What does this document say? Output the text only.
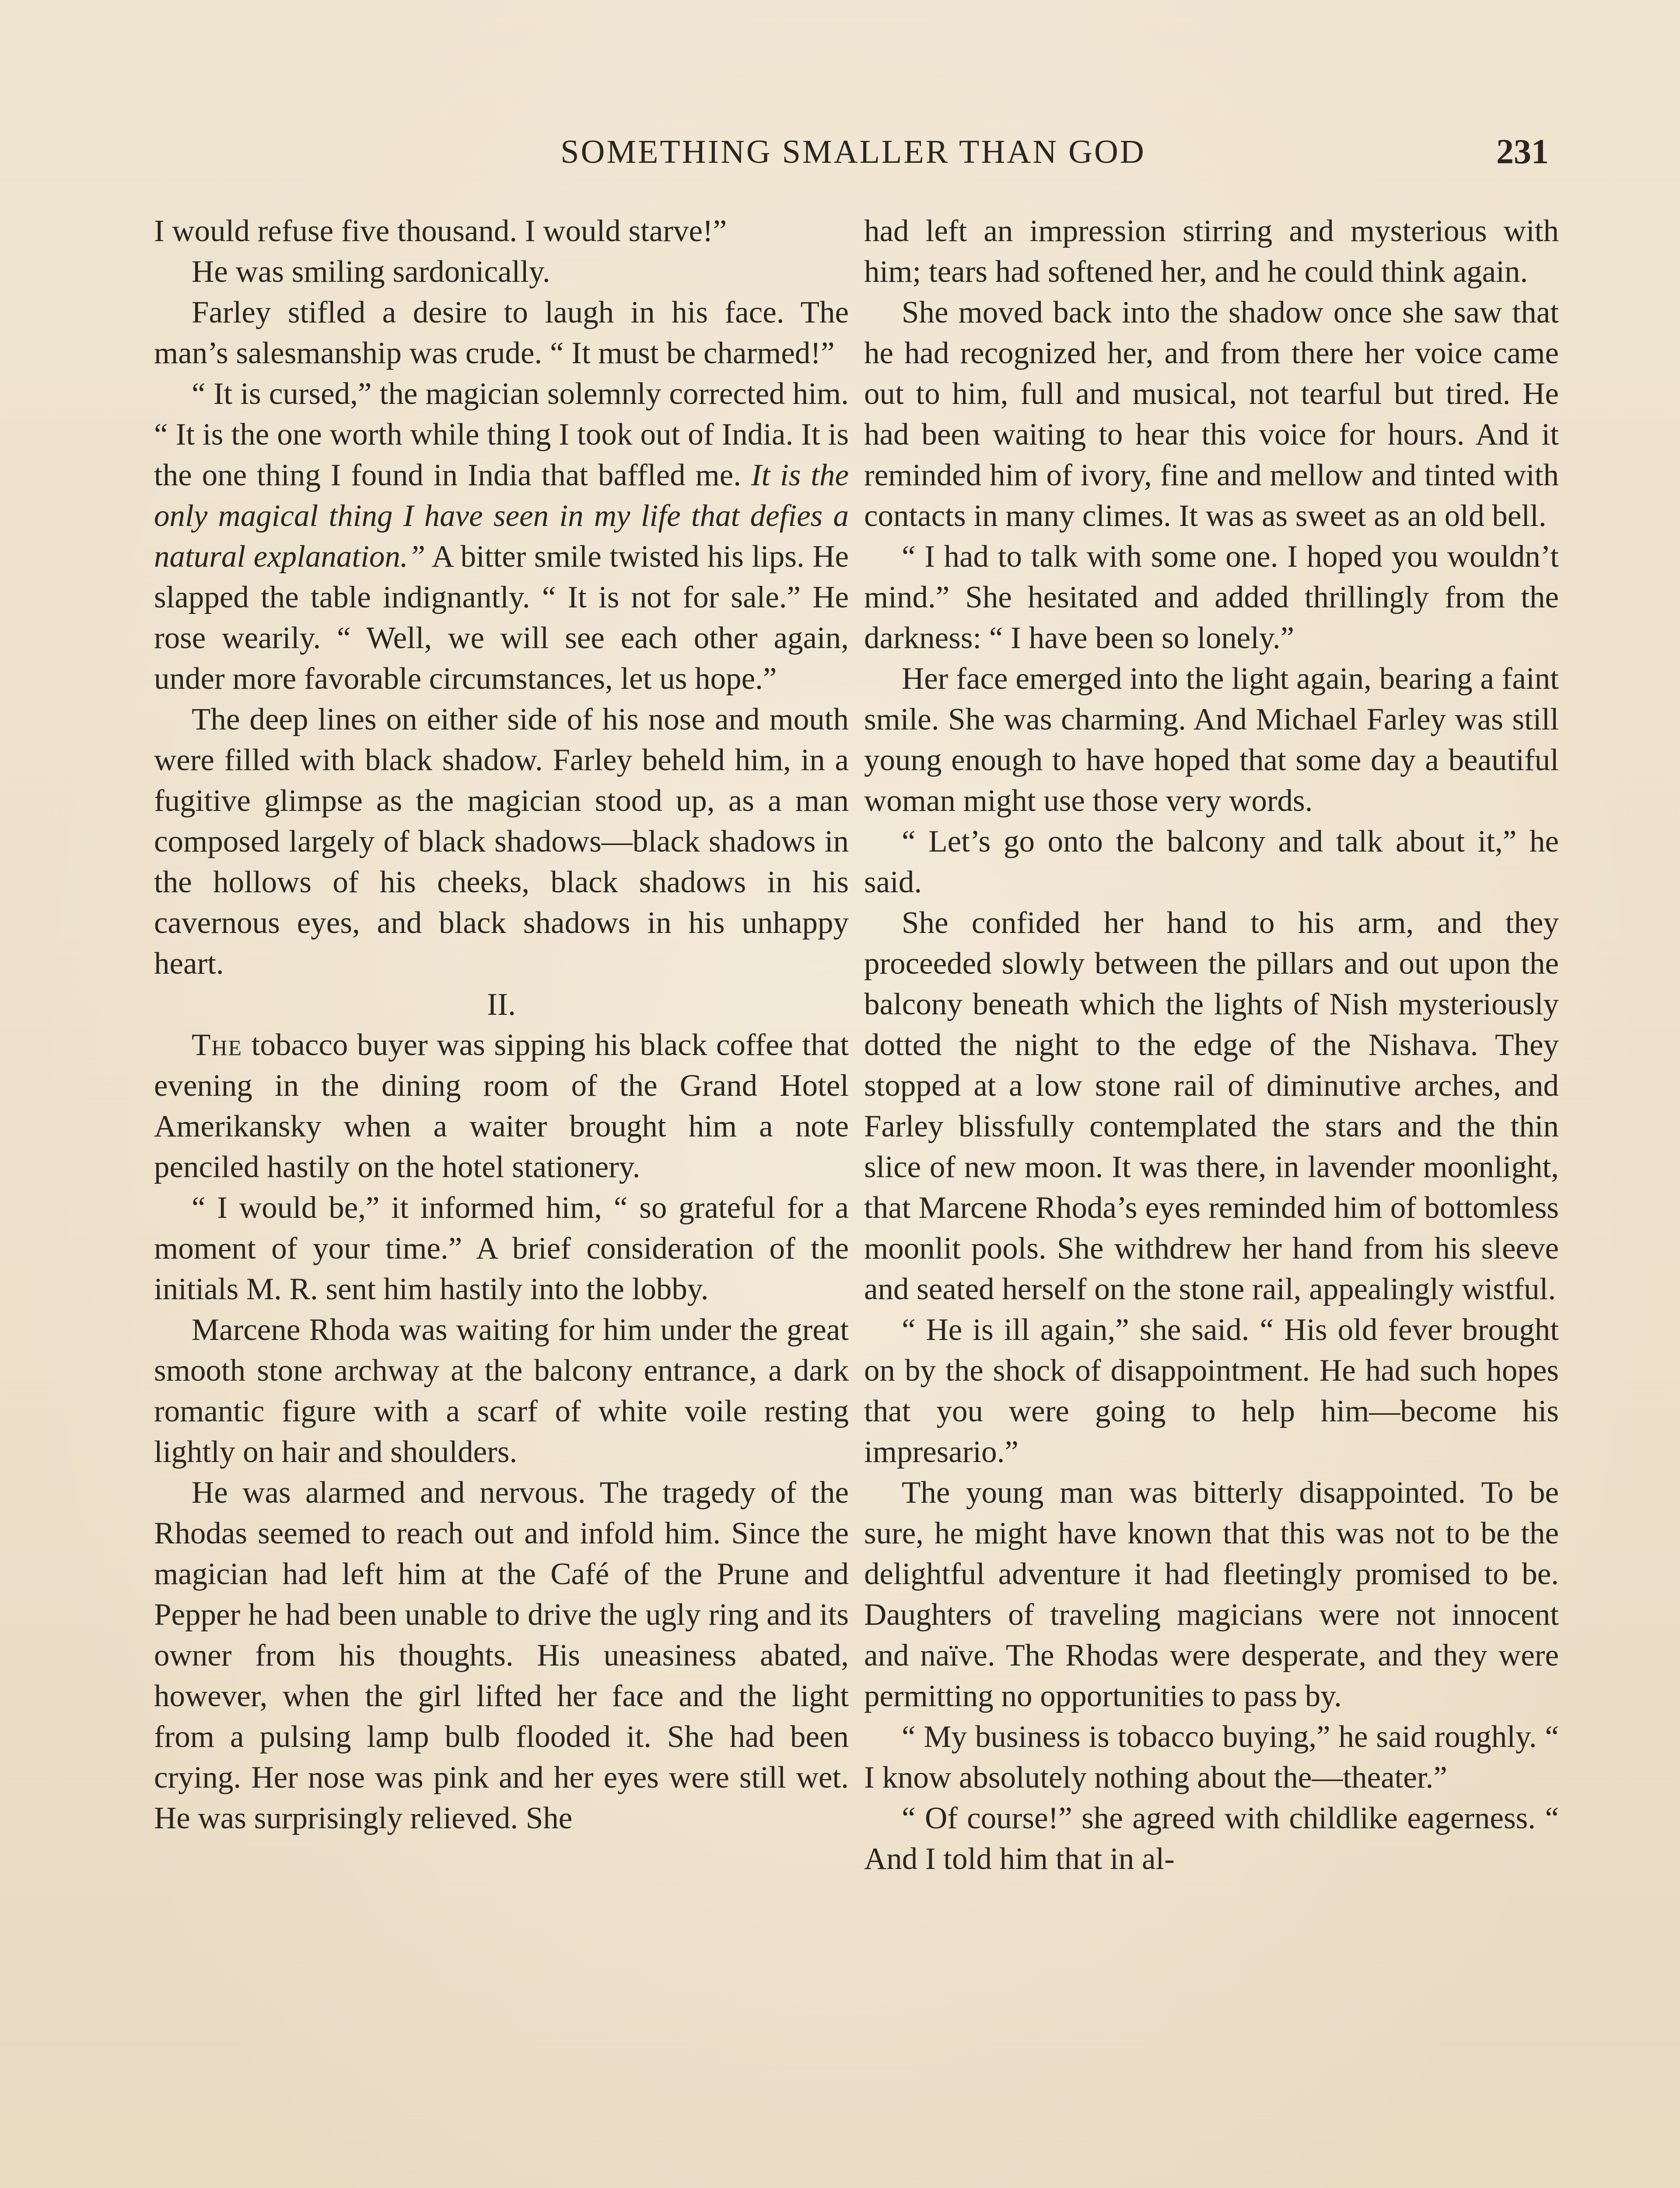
SOMETHING SMALLER THAN GOD	231

I would refuse five thousand. I would starve!”

He was smiling sardonically.

Farley stifled a desire to laugh in his face. The man’s salesmanship was crude. “ It must be charmed!”

“ It is cursed,” the magician solemnly corrected him. “ It is the one worth while thing I took out of India. It is the one thing I found in India that baffled me. It is the only magical thing I have seen in my life that defies a natural explanation.” A bitter smile twisted his lips. He slapped the table indignantly. “ It is not for sale.” He rose wearily. “ Well, we will see each other again, under more favorable circumstances, let us hope.”

The deep lines on either side of his nose and mouth were filled with black shadow. Farley beheld him, in a fugitive glimpse as the magician stood up, as a man composed largely of black shadows—black shadows in the hollows of his cheeks, black shadows in his cavernous eyes, and black shadows in his unhappy heart.

II.

The tobacco buyer was sipping his black coffee that evening in the dining room of the Grand Hotel Amerikansky when a waiter brought him a note penciled hastily on the hotel stationery.

“ I would be,” it informed him, “ so grateful for a moment of your time.” A brief consideration of the initials M. R. sent him hastily into the lobby.

Marcene Rhoda was waiting for him under the great smooth stone archway at the balcony entrance, a dark romantic figure with a scarf of white voile resting lightly on hair and shoulders.

He was alarmed and nervous. The tragedy of the Rhodas seemed to reach out and infold him. Since the magician had left him at the Café of the Prune and Pepper he had been unable to drive the ugly ring and its owner from his thoughts. His uneasiness abated, however, when the girl lifted her face and the light from a pulsing lamp bulb flooded it. She had been crying. Her nose was pink and her eyes were still wet. He was surprisingly relieved. She

had left an impression stirring and mysterious with him; tears had softened her, and he could think again.

She moved back into the shadow once she saw that he had recognized her, and from there her voice came out to him, full and musical, not tearful but tired. He had been waiting to hear this voice for hours. And it reminded him of ivory, fine and mellow and tinted with contacts in many climes. It was as sweet as an old bell.

“ I had to talk with some one. I hoped you wouldn’t mind.” She hesitated and added thrillingly from the darkness: “ I have been so lonely.”

Her face emerged into the light again, bearing a faint smile. She was charming. And Michael Farley was still young enough to have hoped that some day a beautiful woman might use those very words.

“ Let’s go onto the balcony and talk about it,” he said.

She confided her hand to his arm, and they proceeded slowly between the pillars and out upon the balcony beneath which the lights of Nish mysteriously dotted the night to the edge of the Nishava. They stopped at a low stone rail of diminutive arches, and Farley blissfully contemplated the stars and the thin slice of new moon. It was there, in lavender moonlight, that Marcene Rhoda’s eyes reminded him of bottomless moonlit pools. She withdrew her hand from his sleeve and seated herself on the stone rail, appealingly wistful.

“ He is ill again,” she said. “ His old fever brought on by the shock of disappointment. He had such hopes that you were going to help him—become his impresario.”

The young man was bitterly disappointed. To be sure, he might have known that this was not to be the delightful adventure it had fleetingly promised to be. Daughters of traveling magicians were not innocent and naïve. The Rhodas were desperate, and they were permitting no opportunities to pass by.

“ My business is tobacco buying,” he said roughly. “ I know absolutely nothing about the—theater.”

“ Of course!” she agreed with childlike eagerness. “ And I told him that in al-
